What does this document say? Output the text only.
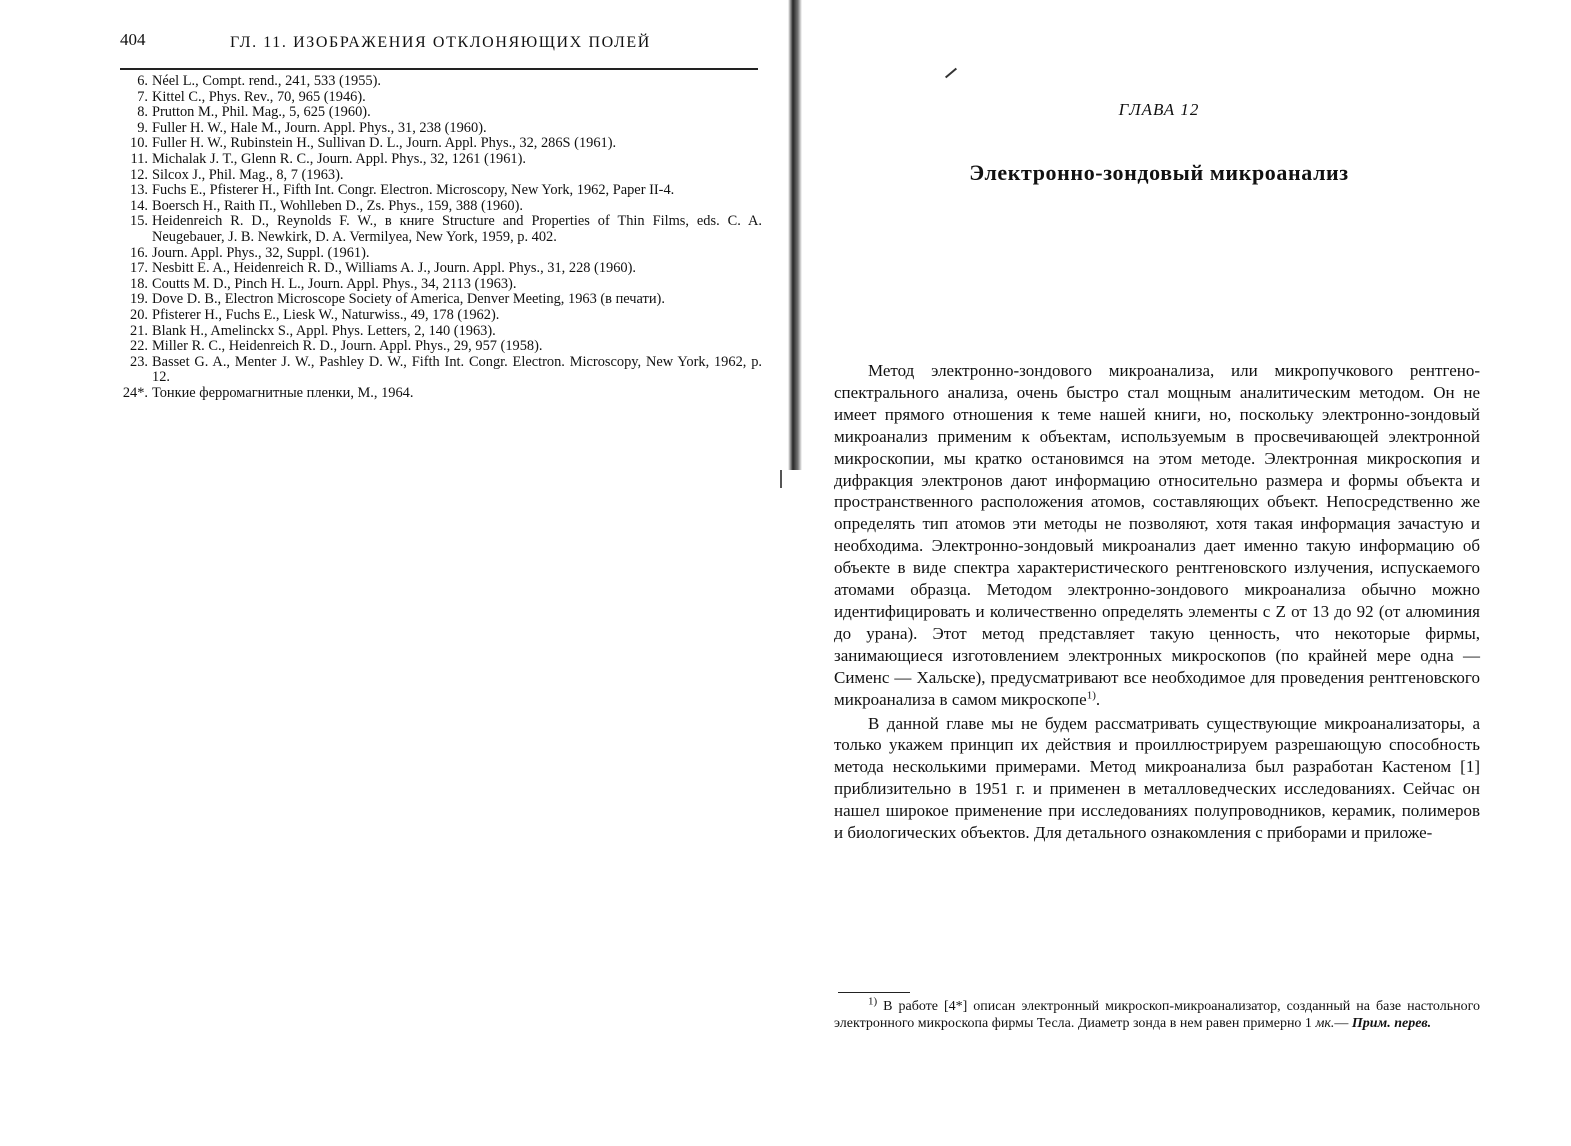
404	ГЛ. 11. ИЗОБРАЖЕНИЯ ОТКЛОНЯЮЩИХ ПОЛЕЙ
6. Néel L., Compt. rend., 241, 533 (1955).
7. Kittel C., Phys. Rev., 70, 965 (1946).
8. Prutton M., Phil. Mag., 5, 625 (1960).
9. Fuller H. W., Hale M., Journ. Appl. Phys., 31, 238 (1960).
10. Fuller H. W., Rubinstein H., Sullivan D. L., Journ. Appl. Phys., 32, 286S (1961).
11. Michalak J. T., Glenn R. C., Journ. Appl. Phys., 32, 1261 (1961).
12. Silcox J., Phil. Mag., 8, 7 (1963).
13. Fuchs E., Pfisterer H., Fifth Int. Congr. Electron. Microscopy, New York, 1962, Paper II-4.
14. Boersch H., Raith Π., Wohlleben D., Zs. Phys., 159, 388 (1960).
15. Heidenreich R. D., Reynolds F. W., в книге Structure and Properties of Thin Films, eds. C. A. Neugebauer, J. B. Newkirk, D. A. Vermilyea, New York, 1959, p. 402.
16. Journ. Appl. Phys., 32, Suppl. (1961).
17. Nesbitt E. A., Heidenreich R. D., Williams A. J., Journ. Appl. Phys., 31, 228 (1960).
18. Coutts M. D., Pinch H. L., Journ. Appl. Phys., 34, 2113 (1963).
19. Dove D. B., Electron Microscope Society of America, Denver Meeting, 1963 (в печати).
20. Pfisterer H., Fuchs E., Liesk W., Naturwiss., 49, 178 (1962).
21. Blank H., Amelinckx S., Appl. Phys. Letters, 2, 140 (1963).
22. Miller R. C., Heidenreich R. D., Journ. Appl. Phys., 29, 957 (1958).
23. Basset G. A., Menter J. W., Pashley D. W., Fifth Int. Congr. Electron. Microscopy, New York, 1962, p. 12.
24*. Тонкие ферромагнитные пленки, М., 1964.
ГЛАВА 12
Электронно-зондовый микроанализ

Метод электронно-зондового микроанализа, или микропучкового рентгено-спектрального анализа, очень быстро стал мощным аналитическим методом. Он не имеет прямого отношения к теме нашей книги, но, поскольку электронно-зондовый микроанализ применим к объектам, используемым в просвечивающей электронной микроскопии, мы кратко остановимся на этом методе. Электронная микроскопия и дифракция электронов дают информацию относительно размера и формы объекта и пространственного расположения атомов, составляющих объект. Непосредственно же определять тип атомов эти методы не позволяют, хотя такая информация зачастую и необходима. Электронно-зондовый микроанализ дает именно такую информацию об объекте в виде спектра характеристического рентгеновского излучения, испускаемого атомами образца. Методом электронно-зондового микроанализа обычно можно идентифицировать и количественно определять элементы с Z от 13 до 92 (от алюминия до урана). Этот метод представляет такую ценность, что некоторые фирмы, занимающиеся изготовлением электронных микроскопов (по крайней мере одна — Сименс — Хальске), предусматривают все необходимое для проведения рентгеновского микроанализа в самом микроскопе$^{1)}$.

В данной главе мы не будем рассматривать существующие микроанализаторы, а только укажем принцип их действия и проиллюстрируем разрешающую способность метода несколькими примерами. Метод микроанализа был разработан Кастеном [1] приблизительно в 1951 г. и применен в металловедческих исследованиях. Сейчас он нашел широкое применение при исследованиях полупроводников, керамик, полимеров и биологических объектов. Для детального ознакомления с приборами и приложе-

$^{1)}$ В работе [4*] описан электронный микроскоп-микроанализатор, созданный на базе настольного электронного микроскопа фирмы Тесла. Диаметр зонда в нем равен примерно 1 мк.— Прим. перев.
